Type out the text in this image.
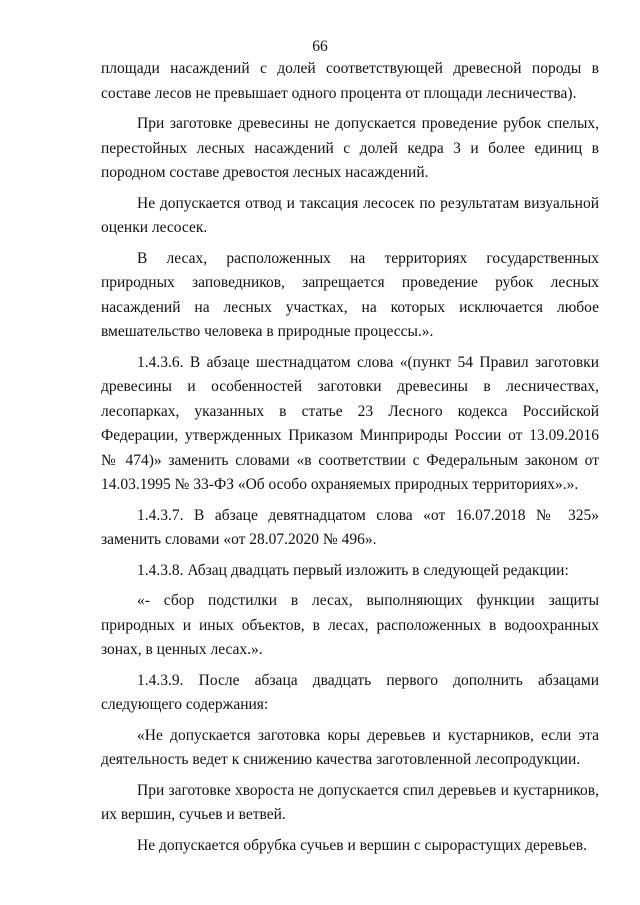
66

площади насаждений с долей соответствующей древесной породы в составе лесов не превышает одного процента от площади лесничества).

При заготовке древесины не допускается проведение рубок спелых, перестойных лесных насаждений с долей кедра 3 и более единиц в породном составе древостоя лесных насаждений.

Не допускается отвод и таксация лесосек по результатам визуальной оценки лесосек.

В лесах, расположенных на территориях государственных природных заповедников, запрещается проведение рубок лесных насаждений на лесных участках, на которых исключается любое вмешательство человека в природные процессы.».

1.4.3.6. В абзаце шестнадцатом слова «(пункт 54 Правил заготовки древесины и особенностей заготовки древесины в лесничествах, лесопарках, указанных в статье 23 Лесного кодекса Российской Федерации, утвержденных Приказом Минприроды России от 13.09.2016 № 474)» заменить словами «в соответствии с Федеральным законом от 14.03.1995 № 33-ФЗ «Об особо охраняемых природных территориях».».

1.4.3.7. В абзаце девятнадцатом слова «от 16.07.2018 № 325» заменить словами «от 28.07.2020 № 496».

1.4.3.8. Абзац двадцать первый изложить в следующей редакции:

«- сбор подстилки в лесах, выполняющих функции защиты природных и иных объектов, в лесах, расположенных в водоохранных зонах, в ценных лесах.».

1.4.3.9. После абзаца двадцать первого дополнить абзацами следующего содержания:

«Не допускается заготовка коры деревьев и кустарников, если эта деятельность ведет к снижению качества заготовленной лесопродукции.

При заготовке хвороста не допускается спил деревьев и кустарников, их вершин, сучьев и ветвей.

Не допускается обрубка сучьев и вершин с сырорастущих деревьев.
